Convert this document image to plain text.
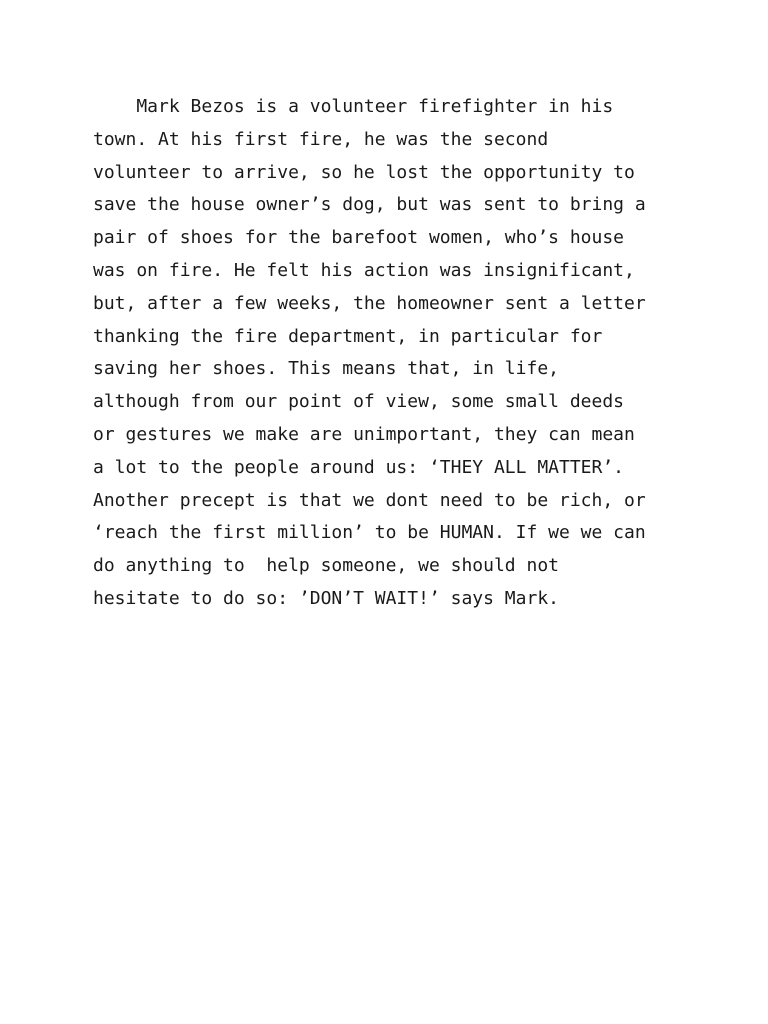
Mark Bezos is a volunteer firefighter in his
town. At his first fire, he was the second
volunteer to arrive, so he lost the opportunity to
save the house owner’s dog, but was sent to bring a
pair of shoes for the barefoot women, who’s house
was on fire. He felt his action was insignificant,
but, after a few weeks, the homeowner sent a letter
thanking the fire department, in particular for
saving her shoes. This means that, in life,
although from our point of view, some small deeds
or gestures we make are unimportant, they can mean
a lot to the people around us: ‘THEY ALL MATTER’.
Another precept is that we dont need to be rich, or
‘reach the first million’ to be HUMAN. If we we can
do anything to  help someone, we should not
hesitate to do so: ’DON’T WAIT!’ says Mark.
